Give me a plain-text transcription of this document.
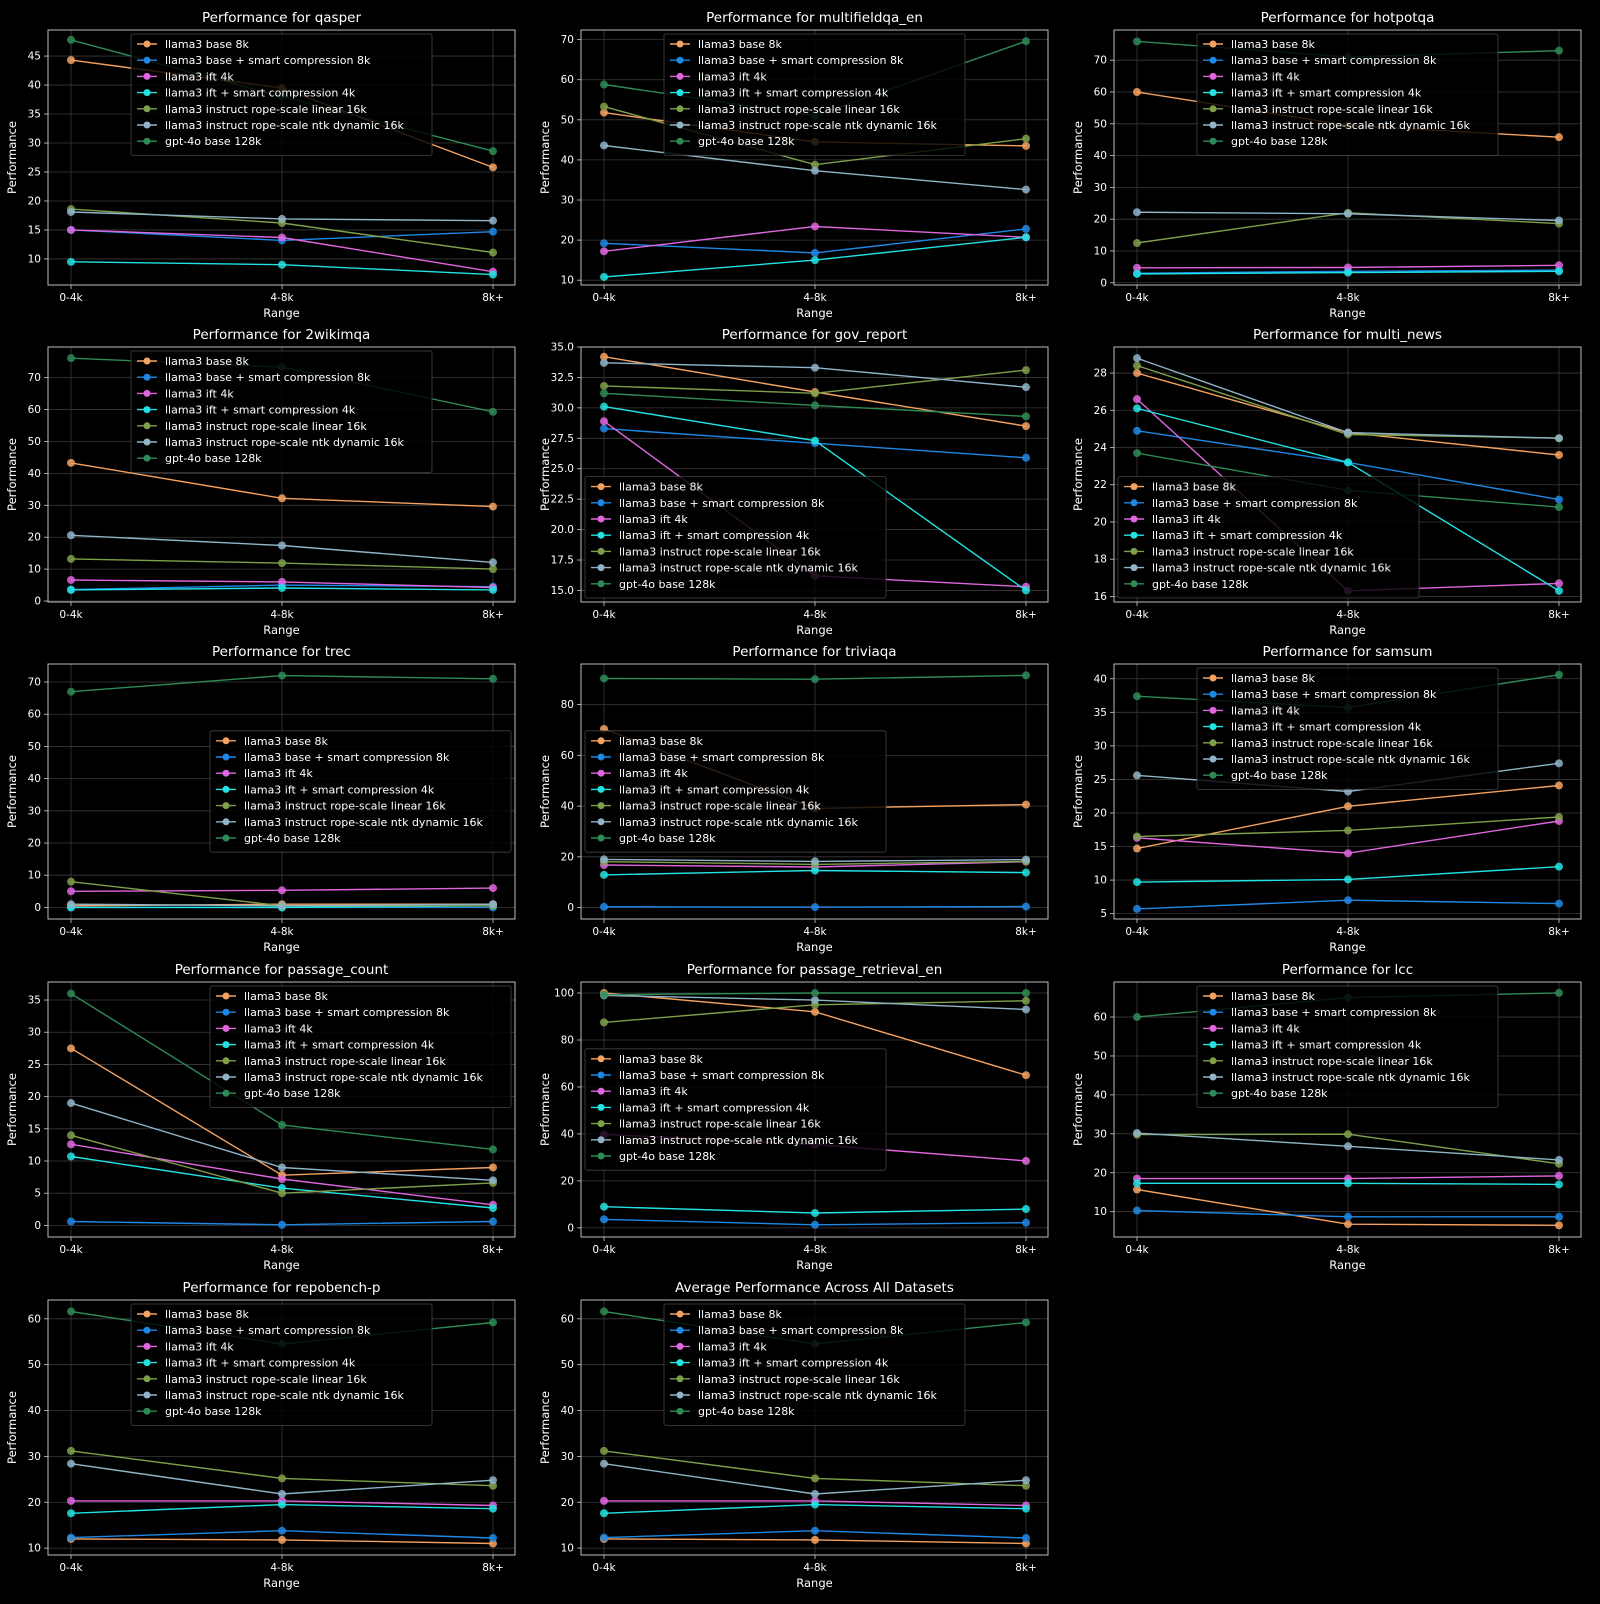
Performance for qasper
10
15
20
25
30
35
40
45
0-4k	4-8k	8k+
Range
Performance
llama3 base 8k
llama3 base + smart compression 8k
llama3 ift 4k
llama3 ift + smart compression 4k
llama3 instruct rope-scale linear 16k
llama3 instruct rope-scale ntk dynamic 16k
gpt-4o base 128k
Performance for multifieldqa_en
10
20
30
40
50
60
70
0-4k	4-8k	8k+
Range
Performance
llama3 base 8k
llama3 base + smart compression 8k
llama3 ift 4k
llama3 ift + smart compression 4k
llama3 instruct rope-scale linear 16k
llama3 instruct rope-scale ntk dynamic 16k
gpt-4o base 128k
Performance for hotpotqa
0
10
20
30
40
50
60
70
0-4k	4-8k	8k+
Range
Performance
llama3 base 8k
llama3 base + smart compression 8k
llama3 ift 4k
llama3 ift + smart compression 4k
llama3 instruct rope-scale linear 16k
llama3 instruct rope-scale ntk dynamic 16k
gpt-4o base 128k
Performance for 2wikimqa
0
10
20
30
40
50
60
70
0-4k	4-8k	8k+
Range
Performance
llama3 base 8k
llama3 base + smart compression 8k
llama3 ift 4k
llama3 ift + smart compression 4k
llama3 instruct rope-scale linear 16k
llama3 instruct rope-scale ntk dynamic 16k
gpt-4o base 128k
Performance for gov_report
15.0
17.5
20.0
22.5
25.0
27.5
30.0
32.5
35.0
0-4k	4-8k	8k+
Range
Performance	llama3 base 8k
llama3 base + smart compression 8k
llama3 ift 4k
llama3 ift + smart compression 4k
llama3 instruct rope-scale linear 16k
llama3 instruct rope-scale ntk dynamic 16k
gpt-4o base 128k
Performance for multi_news
16
18
20
22
24
26
28
0-4k	4-8k	8k+
Range
Performance	llama3 base 8k
llama3 base + smart compression 8k
llama3 ift 4k
llama3 ift + smart compression 4k
llama3 instruct rope-scale linear 16k
llama3 instruct rope-scale ntk dynamic 16k
gpt-4o base 128k
Performance for trec
0
10
20
30
40
50
60
70
0-4k	4-8k	8k+
Range
Performance
llama3 base 8k
llama3 base + smart compression 8k
llama3 ift 4k
llama3 ift + smart compression 4k
llama3 instruct rope-scale linear 16k
llama3 instruct rope-scale ntk dynamic 16k
gpt-4o base 128k
Performance for triviaqa
0
20
40
60
80
0-4k	4-8k	8k+
Range
Performance
llama3 base 8k
llama3 base + smart compression 8k
llama3 ift 4k
llama3 ift + smart compression 4k
llama3 instruct rope-scale linear 16k
llama3 instruct rope-scale ntk dynamic 16k
gpt-4o base 128k
Performance for samsum
5
10
15
20
25
30
35
40
0-4k	4-8k	8k+
Range
Performance
llama3 base 8k
llama3 base + smart compression 8k
llama3 ift 4k
llama3 ift + smart compression 4k
llama3 instruct rope-scale linear 16k
llama3 instruct rope-scale ntk dynamic 16k
gpt-4o base 128k
Performance for passage_count
0
5
10
15
20
25
30
35
0-4k	4-8k	8k+
Range
Performance
llama3 base 8k
llama3 base + smart compression 8k
llama3 ift 4k
llama3 ift + smart compression 4k
llama3 instruct rope-scale linear 16k
llama3 instruct rope-scale ntk dynamic 16k
gpt-4o base 128k
Performance for passage_retrieval_en
0
20
40
60
80
100
0-4k	4-8k	8k+
Range
Performance
llama3 base 8k
llama3 base + smart compression 8k
llama3 ift 4k
llama3 ift + smart compression 4k
llama3 instruct rope-scale linear 16k
llama3 instruct rope-scale ntk dynamic 16k
gpt-4o base 128k
Performance for lcc
10
20
30
40
50
60
0-4k	4-8k	8k+
Range
Performance
llama3 base 8k
llama3 base + smart compression 8k
llama3 ift 4k
llama3 ift + smart compression 4k
llama3 instruct rope-scale linear 16k
llama3 instruct rope-scale ntk dynamic 16k
gpt-4o base 128k
Performance for repobench-p
10
20
30
40
50
60
0-4k	4-8k	8k+
Range
Performance
llama3 base 8k
llama3 base + smart compression 8k
llama3 ift 4k
llama3 ift + smart compression 4k
llama3 instruct rope-scale linear 16k
llama3 instruct rope-scale ntk dynamic 16k
gpt-4o base 128k
Average Performance Across All Datasets
10
20
30
40
50
60
0-4k	4-8k	8k+
Range
Performance
llama3 base 8k
llama3 base + smart compression 8k
llama3 ift 4k
llama3 ift + smart compression 4k
llama3 instruct rope-scale linear 16k
llama3 instruct rope-scale ntk dynamic 16k
gpt-4o base 128k
